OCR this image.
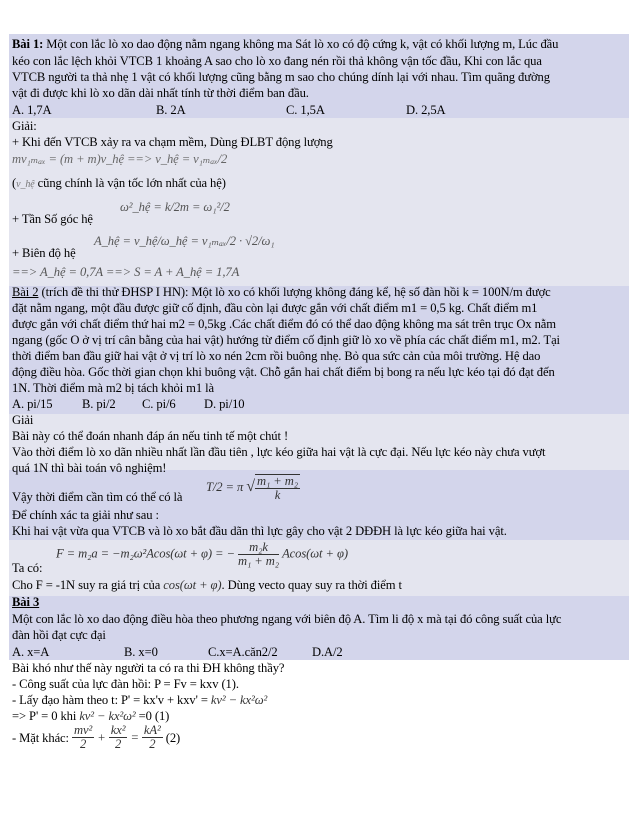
Bài 1: Một con lắc lò xo dao động nằm ngang không ma Sát lò xo có độ cứng k, vật có khối lượng m, Lúc đầu
kéo con lắc lệch khỏi VTCB 1 khoảng A sao cho lò xo đang nén rồi thả không vận tốc đầu, Khi con lắc qua
VTCB người ta thả nhẹ 1 vật có khối lượng cũng bằng m sao cho chúng dính lại với nhau. Tìm quãng đường
vật đi được khi lò xo dãn dài nhất tính từ thời điểm ban đầu.
A. 1,7A	B. 2A	C. 1,5A	D. 2,5A
Giải:
+ Khi đến VTCB xảy ra va chạm mềm, Dùng ĐLBT động lượng
mv₁ₘₐₓ = (m + m)v_hệ ==> v_hệ = v₁ₘₐₓ/2
(v_hệ cũng chính là vận tốc lớn nhất của hệ)
+ Tần Số góc hệ
ω²_hệ = k/2m = ω₁²/2
+ Biên độ hệ
A_hệ = v_hệ/ω_hệ = v₁ₘₐₓ/2 · √2/ω₁
==> A_hệ = 0,7A ==> S = A + A_hệ = 1,7A
Bài 2 (trích đề thi thử ĐHSP I HN): Một lò xo có khối lượng không đáng kể, hệ số đàn hồi k = 100N/m được
đặt nằm ngang, một đầu được giữ cố định, đầu còn lại được gắn với chất điểm m1 = 0,5 kg. Chất điểm m1
được gắn với chất điểm thứ hai m2 = 0,5kg .Các chất điểm đó có thể dao động không ma sát trên trục Ox nằm
ngang (gốc O ở vị trí cân bằng của hai vật) hướng từ điểm cố định giữ lò xo về phía các chất điểm m1, m2. Tại
thời điểm ban đầu giữ hai vật ở vị trí lò xo nén 2cm rồi buông nhẹ. Bỏ qua sức cản của môi trường. Hệ dao
động điều hòa. Gốc thời gian chọn khi buông vật. Chỗ gắn hai chất điểm bị bong ra nếu lực kéo tại đó đạt đến
1N. Thời điểm mà m2 bị tách khỏi m1 là
A. pi/15 B. pi/2 C. pi/6 D. pi/10
Giải
Bài này có thể đoán nhanh đáp án nếu tinh tế một chút !
Vào thời điểm lò xo dãn nhiều nhất lần đầu tiên , lực kéo giữa hai vật là cực đại. Nếu lực kéo này chưa vượt
quá 1N thì bài toán vô nghiệm!
Vậy thời điểm cần tìm có thể có là
T/2 = π √ $\frac{\text{m₁ + m₂}}{k}$
Để chính xác ta giải như sau :
Khi hai vật vừa qua VTCB và lò xo bắt đầu dãn thì lực gây cho vật 2 DĐĐH là lực kéo giữa hai vật.
F = m₂a = −m₂ω²Acos(ωt + φ) = − $\frac{\text{m₂k}}{\text{m₁ + m₂}} Acos(\omega t + \varphi)$
Ta có:
Cho F = -1N suy ra giá trị của cos(ωt + φ). Dùng vecto quay suy ra thời điểm t
Bài 3
Một con lắc lò xo dao động điều hòa theo phương ngang với biên độ A. Tìm li độ x mà tại đó công suất của lực
đàn hồi đạt cực đại
A. x=A	B. x=0	C.x=A.căn2/2	D.A/2
Bài khó như thế này người ta có ra thi ĐH không thầy?
- Công suất của lực đàn hồi: P = Fv = kxv (1).
- Lấy đạo hàm theo t: P' = kx'v + kxv' = kv² − kx²ω²
=> P' = 0 khi kv² − kx²ω² =0 (1)
- Mặt khác: $\frac{\text{mv²}}{2} + \frac{\text{kx²}}{2} = \frac{\text{kA²}}{2} (2)$
